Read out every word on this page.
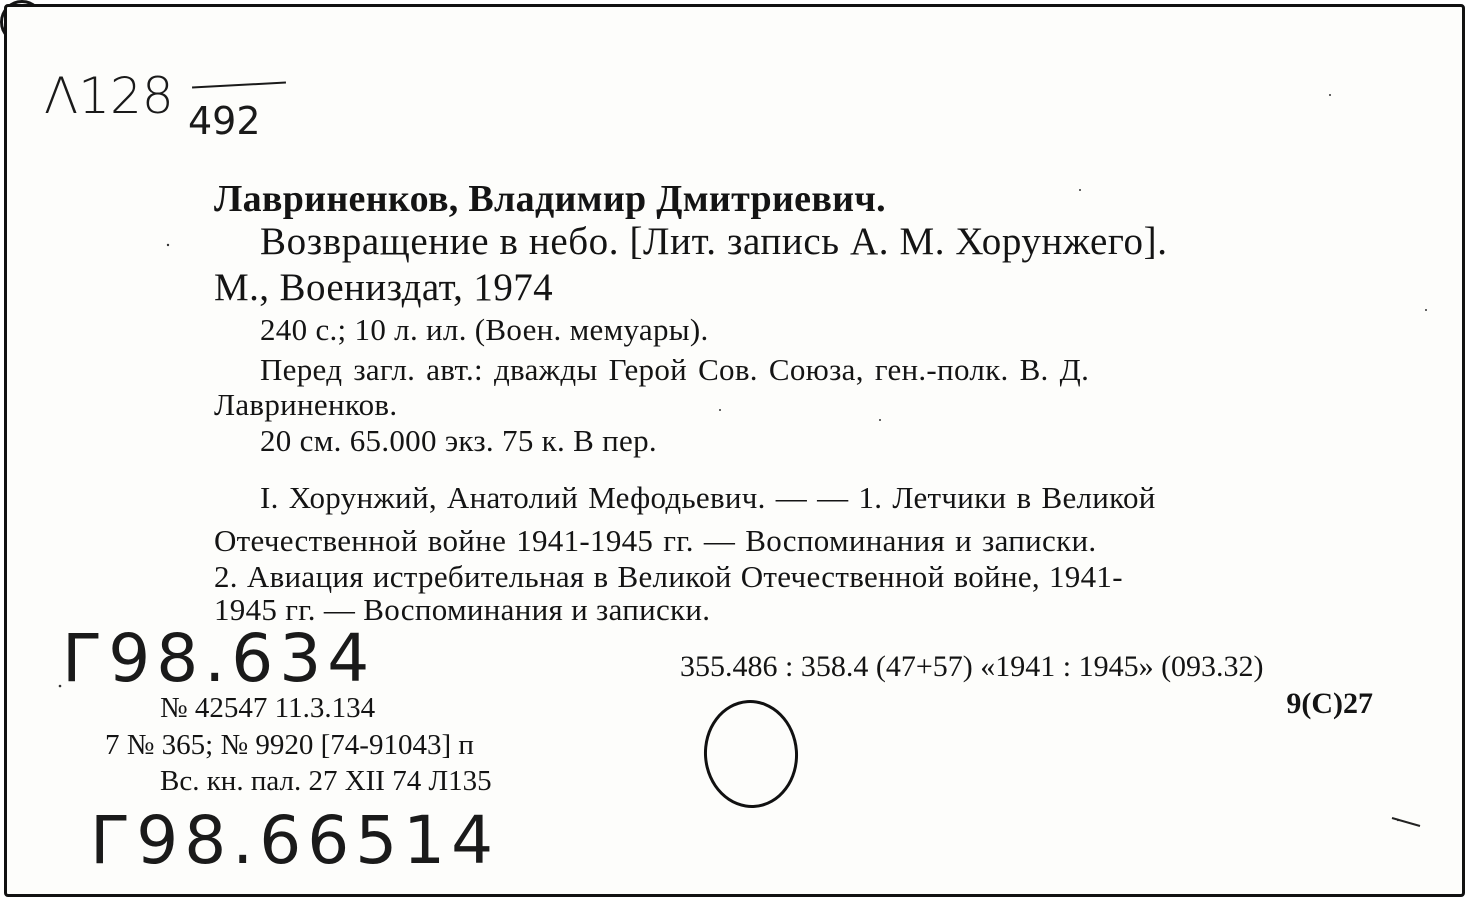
Λ128 492
Лавриненков, Владимир Дмитриевич.
Возвращение в небо. [Лит. запись А. М. Хорунжего].
М., Воениздат, 1974
240 с.; 10 л. ил. (Воен. мемуары).
Перед загл. авт.: дважды Герой Сов. Союза, ген.-полк. В. Д.
Лавриненков.
20 см. 65.000 экз. 75 к. В пер.
I. Хорунжий, Анатолий Мефодьевич. — — 1. Летчики в Великой
Отечественной войне 1941-1945 гг. — Воспоминания и записки.
2. Авиация истребительная в Великой Отечественной войне, 1941-
1945 гг. — Воспоминания и записки.
Г98.634	355.486 : 358.4 (47+57) «1941 : 1945» (093.32)
9(С)27
№ 42547 11.3.134
7 № 365; № 9920 [74-91043] п
Вс. кн. пал. 27 XII 74 Л135
Г98.66514
